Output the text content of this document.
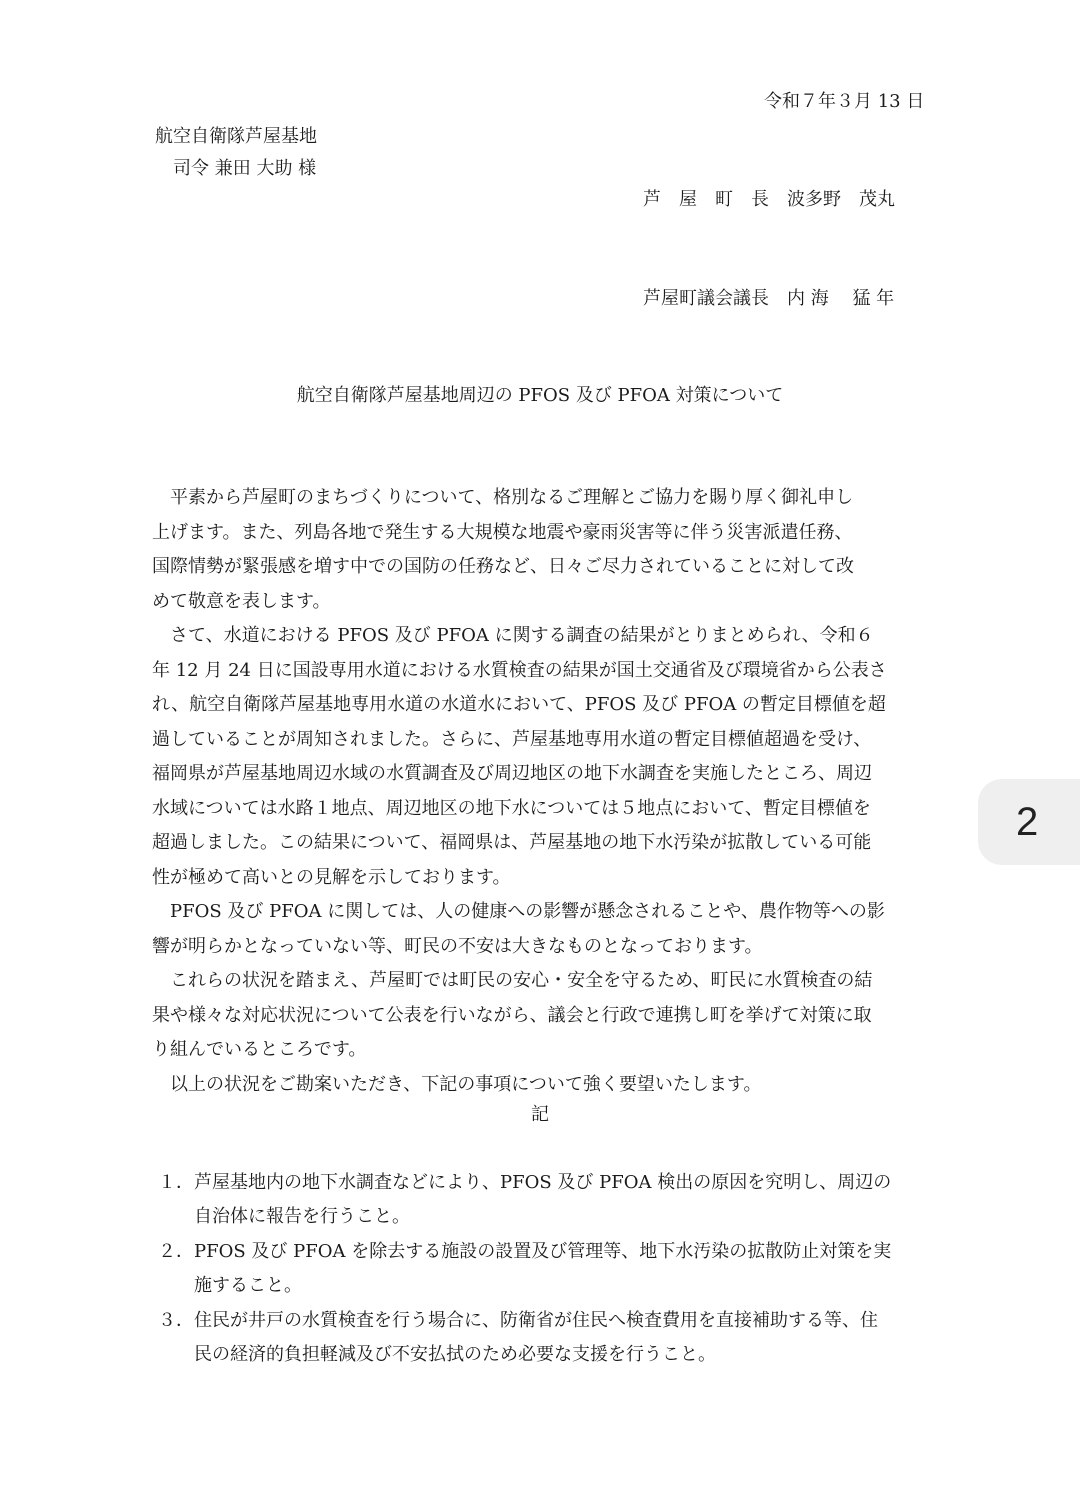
令和７年３月 13 日
航空自衛隊芦屋基地
司令 兼田 大助 様
芦　屋　町　長　波多野　茂丸
芦屋町議会議長　内 海　 猛 年
航空自衛隊芦屋基地周辺の PFOS 及び PFOA 対策について
　平素から芦屋町のまちづくりについて、格別なるご理解とご協力を賜り厚く御礼申し
上げます。また、列島各地で発生する大規模な地震や豪雨災害等に伴う災害派遣任務、
国際情勢が緊張感を増す中での国防の任務など、日々ご尽力されていることに対して改
めて敬意を表します。
　さて、水道における PFOS 及び PFOA に関する調査の結果がとりまとめられ、令和６
年 12 月 24 日に国設専用水道における水質検査の結果が国土交通省及び環境省から公表さ
れ、航空自衛隊芦屋基地専用水道の水道水において、PFOS 及び PFOA の暫定目標値を超
過していることが周知されました。さらに、芦屋基地専用水道の暫定目標値超過を受け、
福岡県が芦屋基地周辺水域の水質調査及び周辺地区の地下水調査を実施したところ、周辺
水域については水路１地点、周辺地区の地下水については５地点において、暫定目標値を
超過しました。この結果について、福岡県は、芦屋基地の地下水汚染が拡散している可能
性が極めて高いとの見解を示しております。
　PFOS 及び PFOA に関しては、人の健康への影響が懸念されることや、農作物等への影
響が明らかとなっていない等、町民の不安は大きなものとなっております。
　これらの状況を踏まえ、芦屋町では町民の安心・安全を守るため、町民に水質検査の結
果や様々な対応状況について公表を行いながら、議会と行政で連携し町を挙げて対策に取
り組んでいるところです。
　以上の状況をご勘案いただき、下記の事項について強く要望いたします。
記
１． 芦屋基地内の地下水調査などにより、PFOS 及び PFOA 検出の原因を究明し、周辺の
自治体に報告を行うこと。
２． PFOS 及び PFOA を除去する施設の設置及び管理等、地下水汚染の拡散防止対策を実
施すること。
３． 住民が井戸の水質検査を行う場合に、防衛省が住民へ検査費用を直接補助する等、住
民の経済的負担軽減及び不安払拭のため必要な支援を行うこと。
2
